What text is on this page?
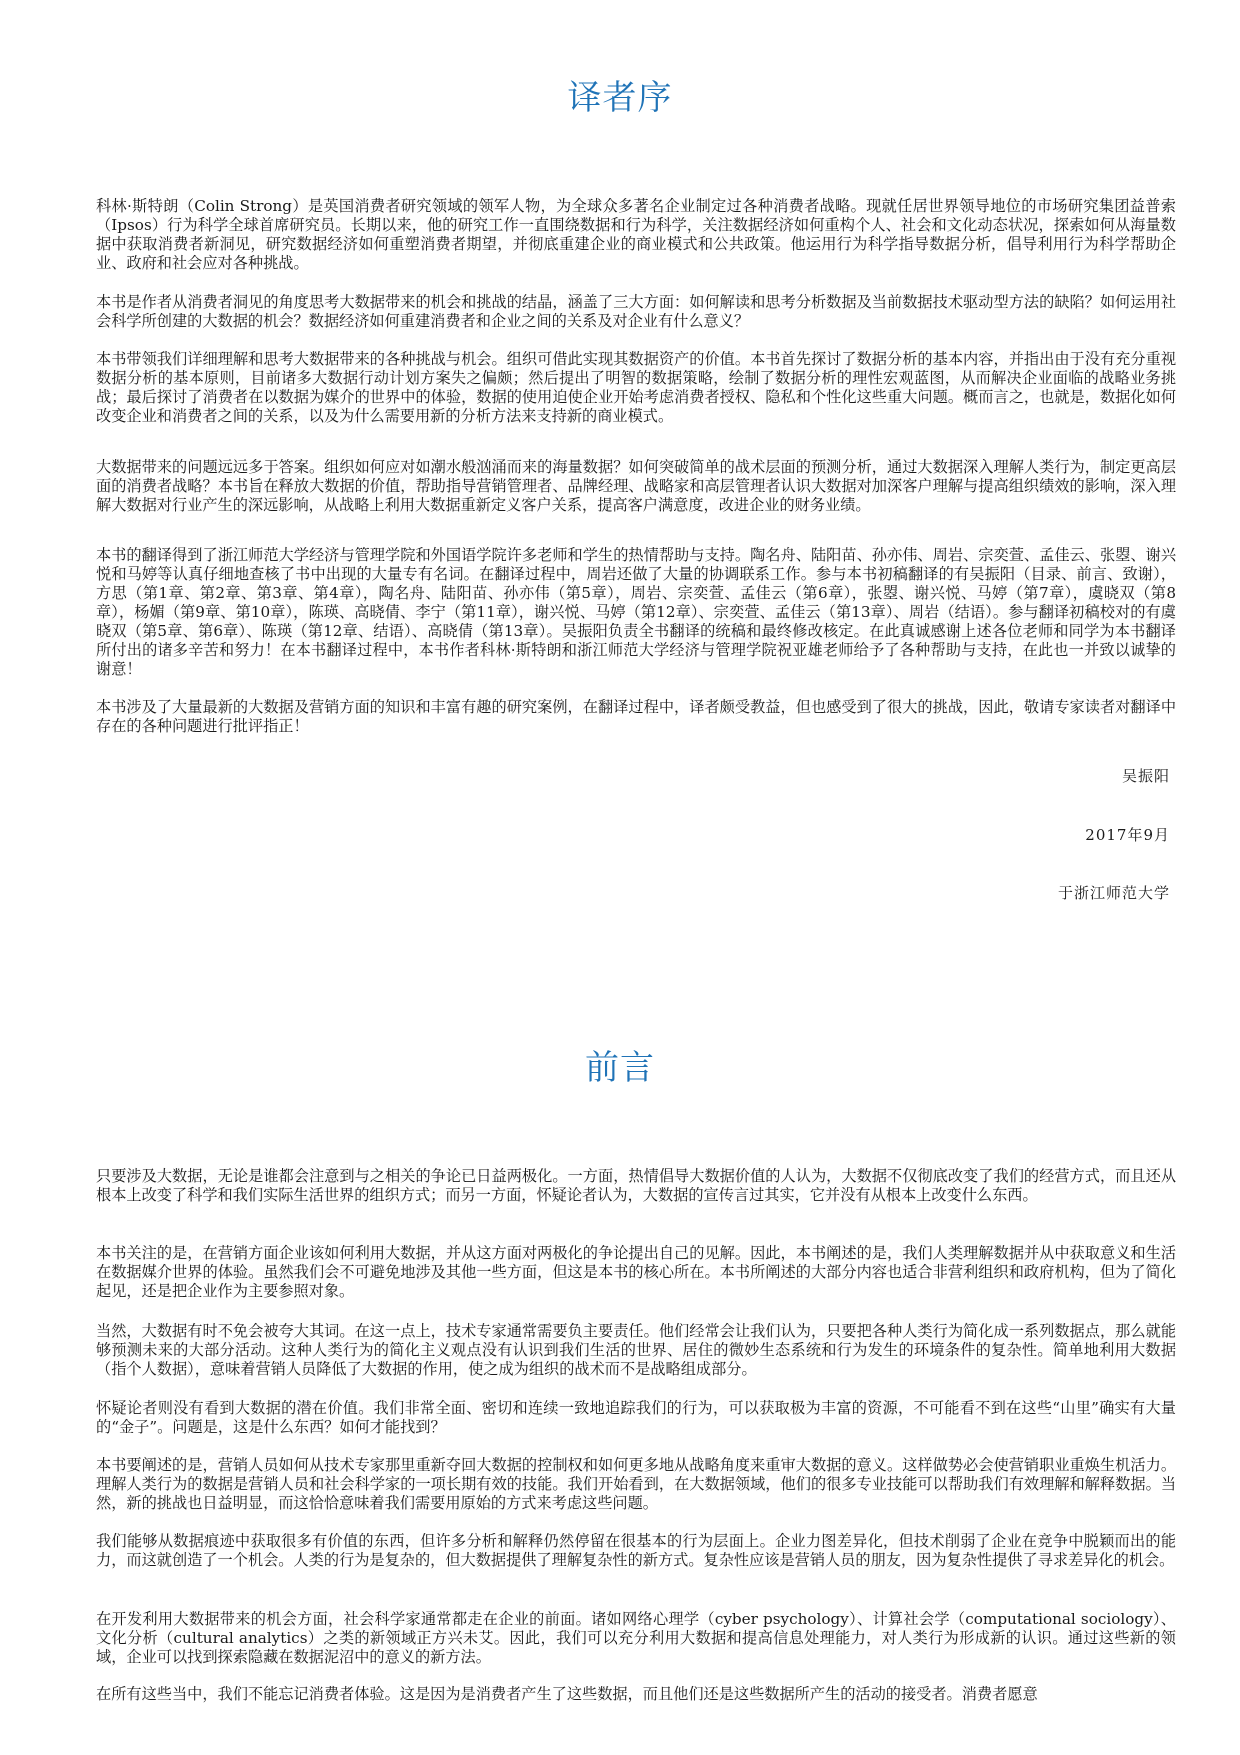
译者序

科林·斯特朗（Colin Strong）是英国消费者研究领域的领军人物，为全球众多著名企业制定过各种消费者战略。现就任居世界领导地位的市场研究集团益普索（Ipsos）行为科学全球首席研究员。长期以来，他的研究工作一直围绕数据和行为科学，关注数据经济如何重构个人、社会和文化动态状况，探索如何从海量数据中获取消费者新洞见，研究数据经济如何重塑消费者期望，并彻底重建企业的商业模式和公共政策。他运用行为科学指导数据分析，倡导利用行为科学帮助企业、政府和社会应对各种挑战。

本书是作者从消费者洞见的角度思考大数据带来的机会和挑战的结晶，涵盖了三大方面：如何解读和思考分析数据及当前数据技术驱动型方法的缺陷？如何运用社会科学所创建的大数据的机会？数据经济如何重建消费者和企业之间的关系及对企业有什么意义？

本书带领我们详细理解和思考大数据带来的各种挑战与机会。组织可借此实现其数据资产的价值。本书首先探讨了数据分析的基本内容，并指出由于没有充分重视数据分析的基本原则，目前诸多大数据行动计划方案失之偏颇；然后提出了明智的数据策略，绘制了数据分析的理性宏观蓝图，从而解决企业面临的战略业务挑战；最后探讨了消费者在以数据为媒介的世界中的体验，数据的使用迫使企业开始考虑消费者授权、隐私和个性化这些重大问题。概而言之，也就是，数据化如何改变企业和消费者之间的关系，以及为什么需要用新的分析方法来支持新的商业模式。

大数据带来的问题远远多于答案。组织如何应对如潮水般汹涌而来的海量数据？如何突破简单的战术层面的预测分析，通过大数据深入理解人类行为，制定更高层面的消费者战略？本书旨在释放大数据的价值，帮助指导营销管理者、品牌经理、战略家和高层管理者认识大数据对加深客户理解与提高组织绩效的影响，深入理解大数据对行业产生的深远影响，从战略上利用大数据重新定义客户关系，提高客户满意度，改进企业的财务业绩。

本书的翻译得到了浙江师范大学经济与管理学院和外国语学院许多老师和学生的热情帮助与支持。陶名舟、陆阳苗、孙亦伟、周岩、宗奕萱、孟佳云、张曌、谢兴悦和马婷等认真仔细地查核了书中出现的大量专有名词。在翻译过程中，周岩还做了大量的协调联系工作。参与本书初稿翻译的有吴振阳（目录、前言、致谢），方思（第1章、第2章、第3章、第4章），陶名舟、陆阳苗、孙亦伟（第5章），周岩、宗奕萱、孟佳云（第6章），张曌、谢兴悦、马婷（第7章），虞晓双（第8章），杨媚（第9章、第10章），陈瑛、高晓倩、李宁（第11章），谢兴悦、马婷（第12章）、宗奕萱、孟佳云（第13章）、周岩（结语）。参与翻译初稿校对的有虞晓双（第5章、第6章）、陈瑛（第12章、结语）、高晓倩（第13章）。吴振阳负责全书翻译的统稿和最终修改核定。在此真诚感谢上述各位老师和同学为本书翻译所付出的诸多辛苦和努力！在本书翻译过程中，本书作者科林·斯特朗和浙江师范大学经济与管理学院祝亚雄老师给予了各种帮助与支持，在此也一并致以诚挚的谢意！

本书涉及了大量最新的大数据及营销方面的知识和丰富有趣的研究案例，在翻译过程中，译者颇受教益，但也感受到了很大的挑战，因此，敬请专家读者对翻译中存在的各种问题进行批评指正！

吴振阳

2017年9月

于浙江师范大学

前言

只要涉及大数据，无论是谁都会注意到与之相关的争论已日益两极化。一方面，热情倡导大数据价值的人认为，大数据不仅彻底改变了我们的经营方式，而且还从根本上改变了科学和我们实际生活世界的组织方式；而另一方面，怀疑论者认为，大数据的宣传言过其实，它并没有从根本上改变什么东西。

本书关注的是，在营销方面企业该如何利用大数据，并从这方面对两极化的争论提出自己的见解。因此，本书阐述的是，我们人类理解数据并从中获取意义和生活在数据媒介世界的体验。虽然我们会不可避免地涉及其他一些方面，但这是本书的核心所在。本书所阐述的大部分内容也适合非营利组织和政府机构，但为了简化起见，还是把企业作为主要参照对象。

当然，大数据有时不免会被夸大其词。在这一点上，技术专家通常需要负主要责任。他们经常会让我们认为，只要把各种人类行为简化成一系列数据点，那么就能够预测未来的大部分活动。这种人类行为的简化主义观点没有认识到我们生活的世界、居住的微妙生态系统和行为发生的环境条件的复杂性。简单地利用大数据（指个人数据），意味着营销人员降低了大数据的作用，使之成为组织的战术而不是战略组成部分。

怀疑论者则没有看到大数据的潜在价值。我们非常全面、密切和连续一致地追踪我们的行为，可以获取极为丰富的资源，不可能看不到在这些“山里”确实有大量的“金子”。问题是，这是什么东西？如何才能找到？

本书要阐述的是，营销人员如何从技术专家那里重新夺回大数据的控制权和如何更多地从战略角度来重审大数据的意义。这样做势必会使营销职业重焕生机活力。理解人类行为的数据是营销人员和社会科学家的一项长期有效的技能。我们开始看到，在大数据领域，他们的很多专业技能可以帮助我们有效理解和解释数据。当然，新的挑战也日益明显，而这恰恰意味着我们需要用原始的方式来考虑这些问题。

我们能够从数据痕迹中获取很多有价值的东西，但许多分析和解释仍然停留在很基本的行为层面上。企业力图差异化，但技术削弱了企业在竞争中脱颖而出的能力，而这就创造了一个机会。人类的行为是复杂的，但大数据提供了理解复杂性的新方式。复杂性应该是营销人员的朋友，因为复杂性提供了寻求差异化的机会。

在开发利用大数据带来的机会方面，社会科学家通常都走在企业的前面。诸如网络心理学（cyber psychology）、计算社会学（computational sociology）、文化分析（cultural analytics）之类的新领域正方兴未艾。因此，我们可以充分利用大数据和提高信息处理能力，对人类行为形成新的认识。通过这些新的领域，企业可以找到探索隐藏在数据泥沼中的意义的新方法。

在所有这些当中，我们不能忘记消费者体验。这是因为是消费者产生了这些数据，而且他们还是这些数据所产生的活动的接受者。消费者愿意
